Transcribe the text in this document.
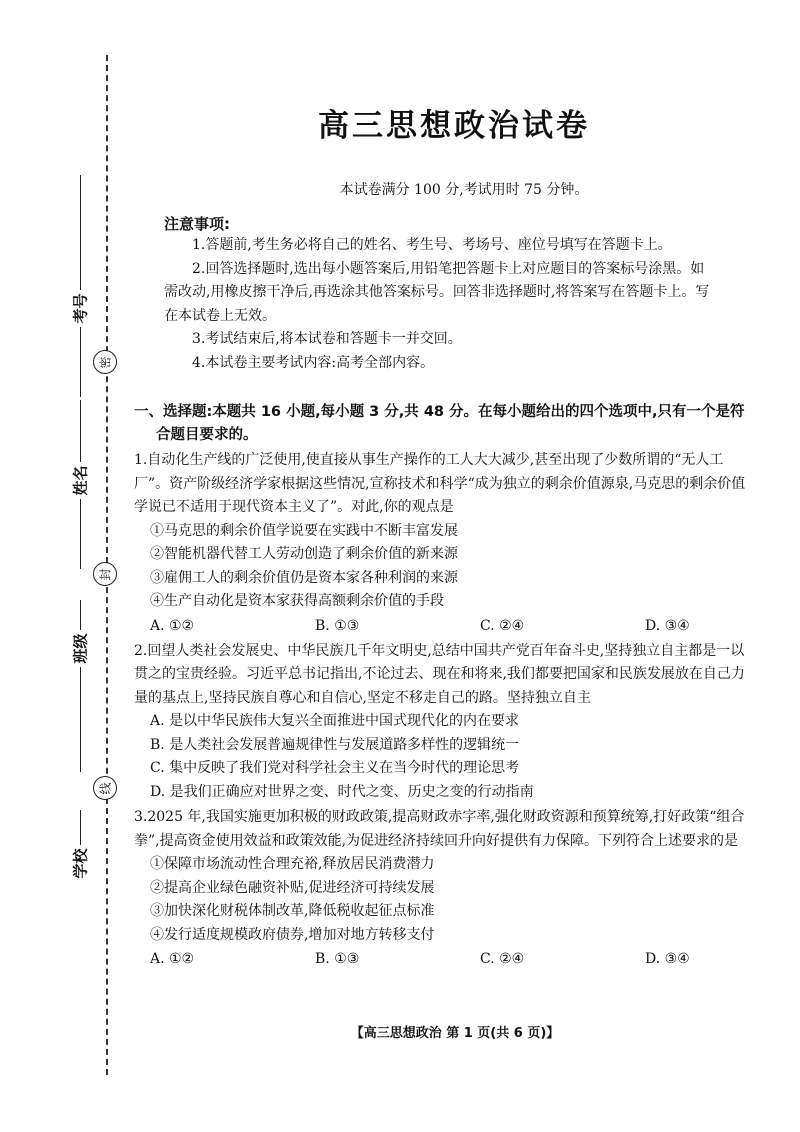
考号
密
姓名
封
班级
线
学校
高三思想政治试卷
本试卷满分 100 分,考试用时 75 分钟。
注意事项:
1.答题前,考生务必将自己的姓名、考生号、考场号、座位号填写在答题卡上。
2.回答选择题时,选出每小题答案后,用铅笔把答题卡上对应题目的答案标号涂黑。如需改动,用橡皮擦干净后,再选涂其他答案标号。回答非选择题时,将答案写在答题卡上。写在本试卷上无效。
3.考试结束后,将本试卷和答题卡一并交回。
4.本试卷主要考试内容:高考全部内容。
一、选择题:本题共 16 小题,每小题 3 分,共 48 分。在每小题给出的四个选项中,只有一个是符
合题目要求的。
1.自动化生产线的广泛使用,使直接从事生产操作的工人大大减少,甚至出现了少数所谓的“无人工厂”。资产阶级经济学家根据这些情况,宣称技术和科学“成为独立的剩余价值源泉,马克思的剩余价值学说已不适用于现代资本主义了”。对此,你的观点是
①马克思的剩余价值学说要在实践中不断丰富发展
②智能机器代替工人劳动创造了剩余价值的新来源
③雇佣工人的剩余价值仍是资本家各种利润的来源
④生产自动化是资本家获得高额剩余价值的手段
A. ①②	B. ①③	C. ②④	D. ③④
2.回望人类社会发展史、中华民族几千年文明史,总结中国共产党百年奋斗史,坚持独立自主都是一以贯之的宝贵经验。习近平总书记指出,不论过去、现在和将来,我们都要把国家和民族发展放在自己力量的基点上,坚持民族自尊心和自信心,坚定不移走自己的路。坚持独立自主
A. 是以中华民族伟大复兴全面推进中国式现代化的内在要求
B. 是人类社会发展普遍规律性与发展道路多样性的逻辑统一
C. 集中反映了我们党对科学社会主义在当今时代的理论思考
D. 是我们正确应对世界之变、时代之变、历史之变的行动指南
3.2025 年,我国实施更加积极的财政政策,提高财政赤字率,强化财政资源和预算统筹,打好政策“组合拳”,提高资金使用效益和政策效能,为促进经济持续回升向好提供有力保障。下列符合上述要求的是
①保障市场流动性合理充裕,释放居民消费潜力
②提高企业绿色融资补贴,促进经济可持续发展
③加快深化财税体制改革,降低税收起征点标准
④发行适度规模政府债券,增加对地方转移支付
A. ①②	B. ①③	C. ②④	D. ③④
【高三思想政治 第 1 页(共 6 页)】
